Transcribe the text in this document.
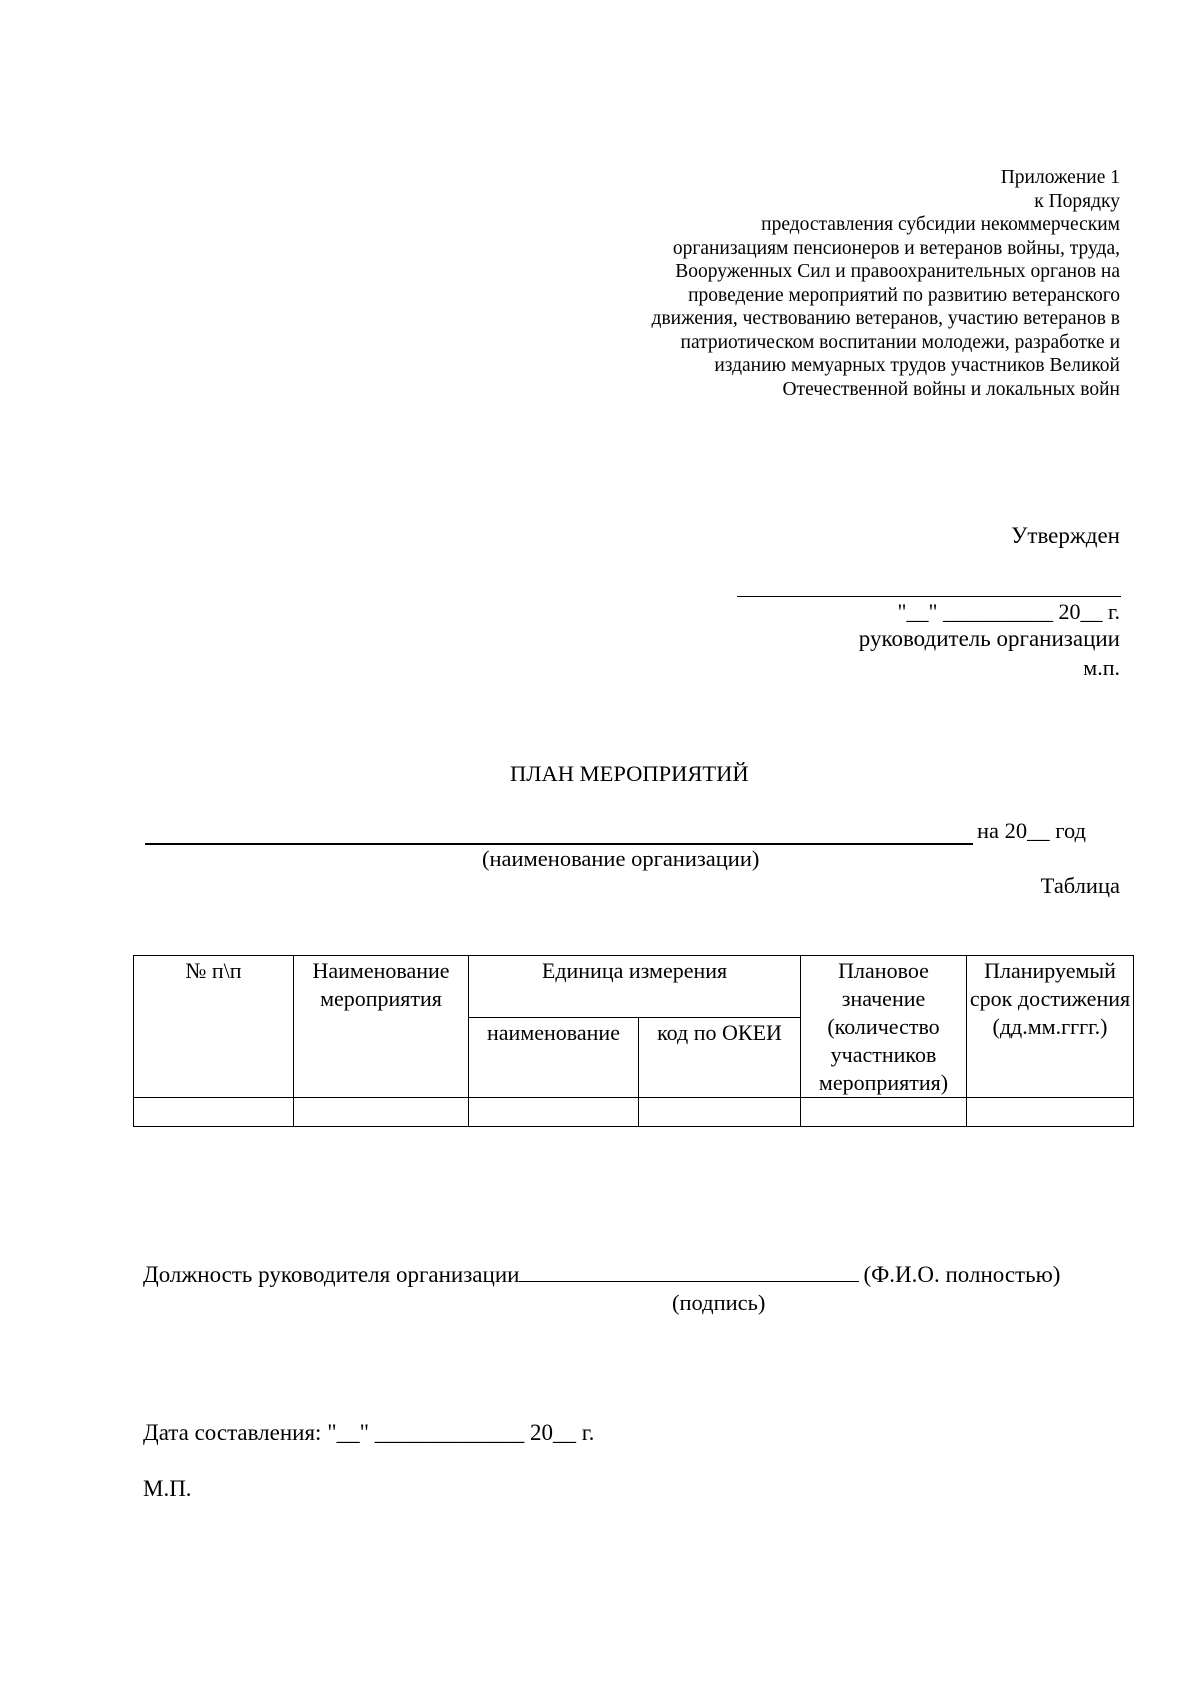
Приложение 1
к Порядку
предоставления субсидии некоммерческим
организациям пенсионеров и ветеранов войны, труда,
Вооруженных Сил и правоохранительных органов на
проведение мероприятий по развитию ветеранского
движения, чествованию ветеранов, участию ветеранов в
патриотическом воспитании молодежи, разработке и
изданию мемуарных трудов участников Великой
Отечественной войны и локальных войн
Утвержден
"__" __________ 20__ г.
руководитель организации
м.п.
ПЛАН МЕРОПРИЯТИЙ
на 20__ год
(наименование организации)
Таблица
№ п\п	Наименование мероприятия	Единица измерения		Плановое значение (количество участников мероприятия)	Планируемый срок достижения (дд.мм.гггг.)
		наименование	код по ОКЕИ		

Должность руководителя организации	(Ф.И.О. полностью)
(подпись)
Дата составления: "__" _____________ 20__ г.
М.П.
